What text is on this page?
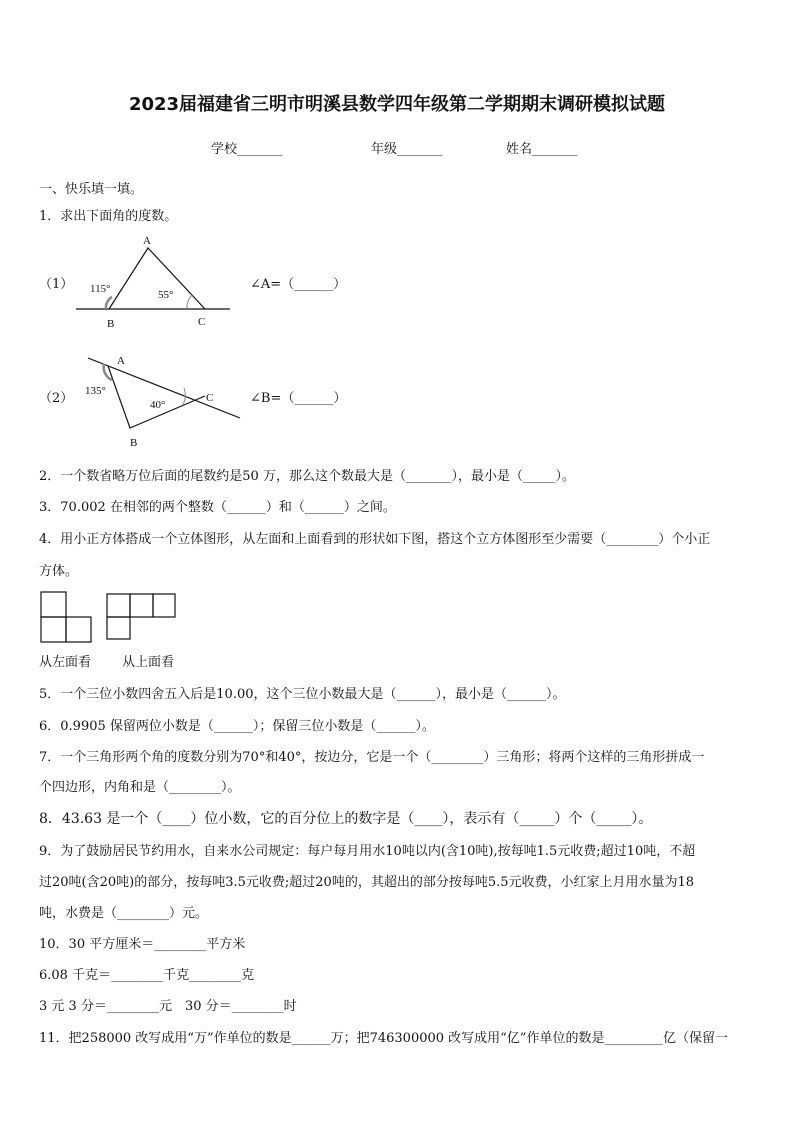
2023届福建省三明市明溪县数学四年级第二学期期末调研模拟试题
学校_______	年级_______	姓名_______
一、快乐填一填。
1．求出下面角的度数。
（1）
A
B	C
115°	55°
A
B
C
135°
40°
∠A=（______）
（2）	∠B=（______）
2．一个数省略万位后面的尾数约是50 万，那么这个数最大是（_______），最小是（_____）。
3．70.002 在相邻的两个整数（______）和（______）之间。
4．用小正方体搭成一个立体图形，从左面和上面看到的形状如下图，搭这个立方体图形至少需要（________）个小正
方体。
从左面看 从上面看
5．一个三位小数四舍五入后是10.00，这个三位小数最大是（______），最小是（______）。
6．0.9905 保留两位小数是（______）；保留三位小数是（______）。
7．一个三角形两个角的度数分别为70°和40°，按边分，它是一个（________）三角形；将两个这样的三角形拼成一
个四边形，内角和是（________）。
8．43.63 是一个（____）位小数，它的百分位上的数字是（____），表示有（_____）个（_____）。
9．为了鼓励居民节约用水，自来水公司规定：每户每月用水10吨以内(含10吨),按每吨1.5元收费;超过10吨，不超
过20吨(含20吨)的部分，按每吨3.5元收费;超过20吨的，其超出的部分按每吨5.5元收费，小红家上月用水量为18
吨，水费是（________）元。
10．30 平方厘米＝________平方米
6.08 千克＝________千克________克
3 元 3 分＝________元　30 分＝________时
11．把258000 改写成用“万”作单位的数是______万；把746300000 改写成用“亿”作单位的数是_________亿（保留一
